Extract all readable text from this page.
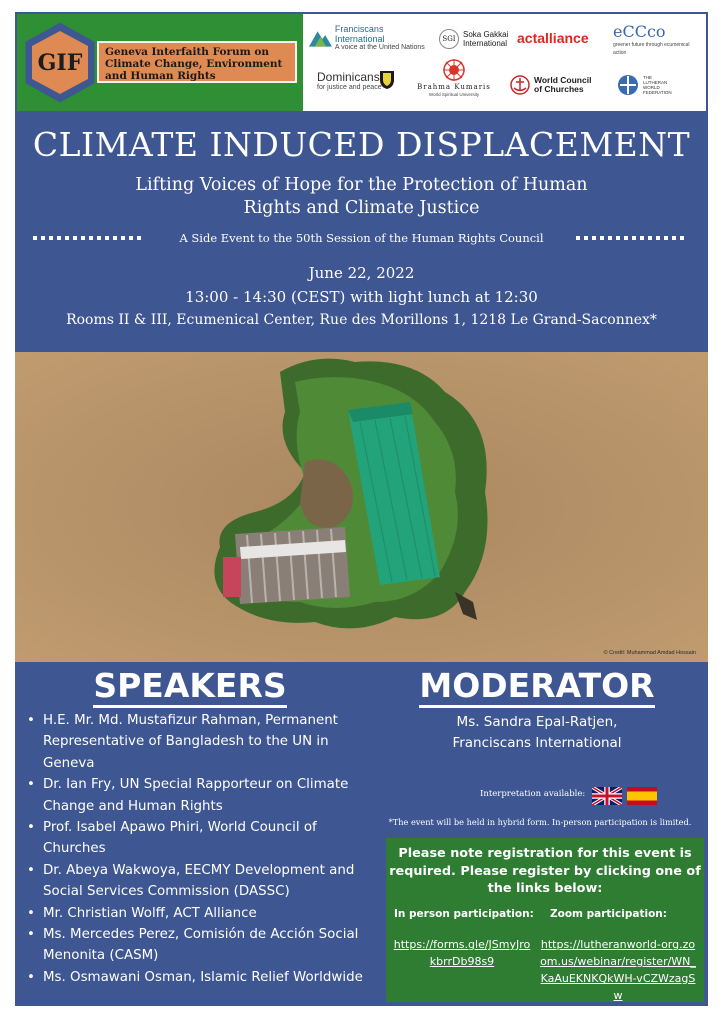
GIF	Geneva Interfaith Forum on
Climate Change, Environment
and Human Rights
Franciscans International
A voice at the United Nations
SGI Soka Gakkai
International actalliance eCCco
greener future through ecumenical action
Dominicans
for justice and peace	Brahma Kumaris
World Spiritual University
World Council
of Churches
THE
LUTHERAN
WORLD
FEDERATION
CLIMATE INDUCED DISPLACEMENT
Lifting Voices of Hope for the Protection of Human Rights and Climate Justice
A Side Event to the 50th Session of the Human Rights Council
June 22, 2022
13:00 - 14:30 (CEST) with light lunch at 12:30
Rooms II & III, Ecumenical Center, Rue des Morillons 1, 1218 Le Grand-Saconnex*
© Credit: Muhammad Amdad Hossain
SPEAKERS
• H.E. Mr. Md. Mustafizur Rahman, Permanent Representative of Bangladesh to the UN in Geneva
• Dr. Ian Fry, UN Special Rapporteur on Climate Change and Human Rights
• Prof. Isabel Apawo Phiri, World Council of Churches
• Dr. Abeya Wakwoya, EECMY Development and Social Services Commission (DASSC)
• Mr. Christian Wolff, ACT Alliance
• Ms. Mercedes Perez, Comisión de Acción Social Menonita (CASM)
• Ms. Osmawani Osman, Islamic Relief Worldwide
MODERATOR
Ms. Sandra Epal-Ratjen,
Franciscans International
Interpretation available:
*The event will be held in hybrid form. In-person participation is limited.
Please note registration for this event is required. Please register by clicking one of the links below:
In person participation: Zoom participation:
https://forms.gle/JSmyJrokbrrDb98s9
https://lutheranworld-org.zoom.us/webinar/register/WN_KaAuEKNKQkWH-vCZWzagSw
